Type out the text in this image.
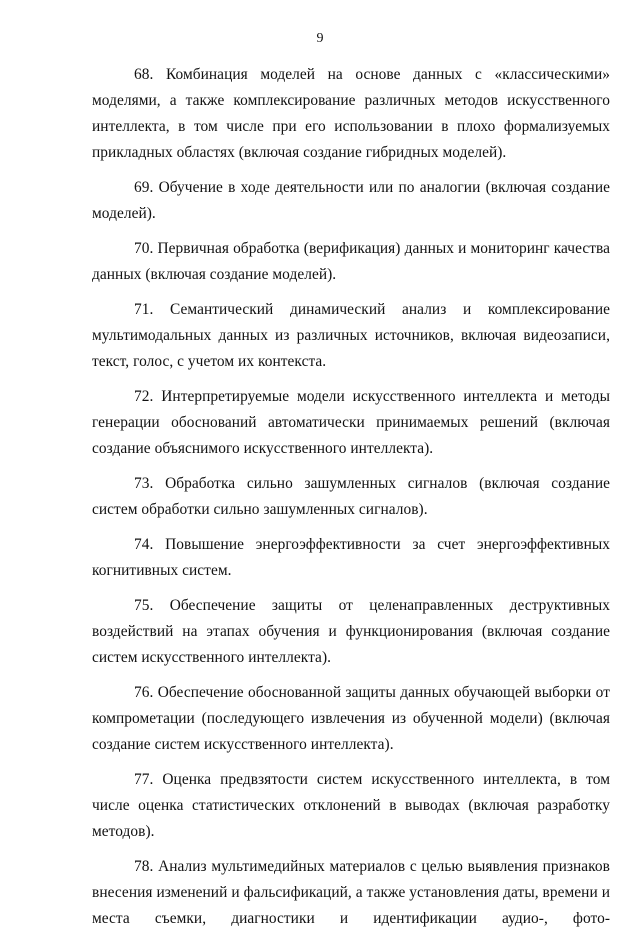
9

68. Комбинация моделей на основе данных с «классическими» моделями, а также комплексирование различных методов искусственного интеллекта, в том числе при его использовании в плохо формализуемых прикладных областях (включая создание гибридных моделей).

69. Обучение в ходе деятельности или по аналогии (включая создание моделей).

70. Первичная обработка (верификация) данных и мониторинг качества данных (включая создание моделей).

71. Семантический динамический анализ и комплексирование мультимодальных данных из различных источников, включая видеозаписи, текст, голос, с учетом их контекста.

72. Интерпретируемые модели искусственного интеллекта и методы генерации обоснований автоматически принимаемых решений (включая создание объяснимого искусственного интеллекта).

73. Обработка сильно зашумленных сигналов (включая создание систем обработки сильно зашумленных сигналов).

74. Повышение энергоэффективности за счет энергоэффективных когнитивных систем.

75. Обеспечение защиты от целенаправленных деструктивных воздействий на этапах обучения и функционирования (включая создание систем искусственного интеллекта).

76. Обеспечение обоснованной защиты данных обучающей выборки от компрометации (последующего извлечения из обученной модели) (включая создание систем искусственного интеллекта).

77. Оценка предвзятости систем искусственного интеллекта, в том числе оценка статистических отклонений в выводах (включая разработку методов).

78. Анализ мультимедийных материалов с целью выявления признаков внесения изменений и фальсификаций, а также установления даты, времени и места съемки, диагностики и идентификации аудио-, фото-
